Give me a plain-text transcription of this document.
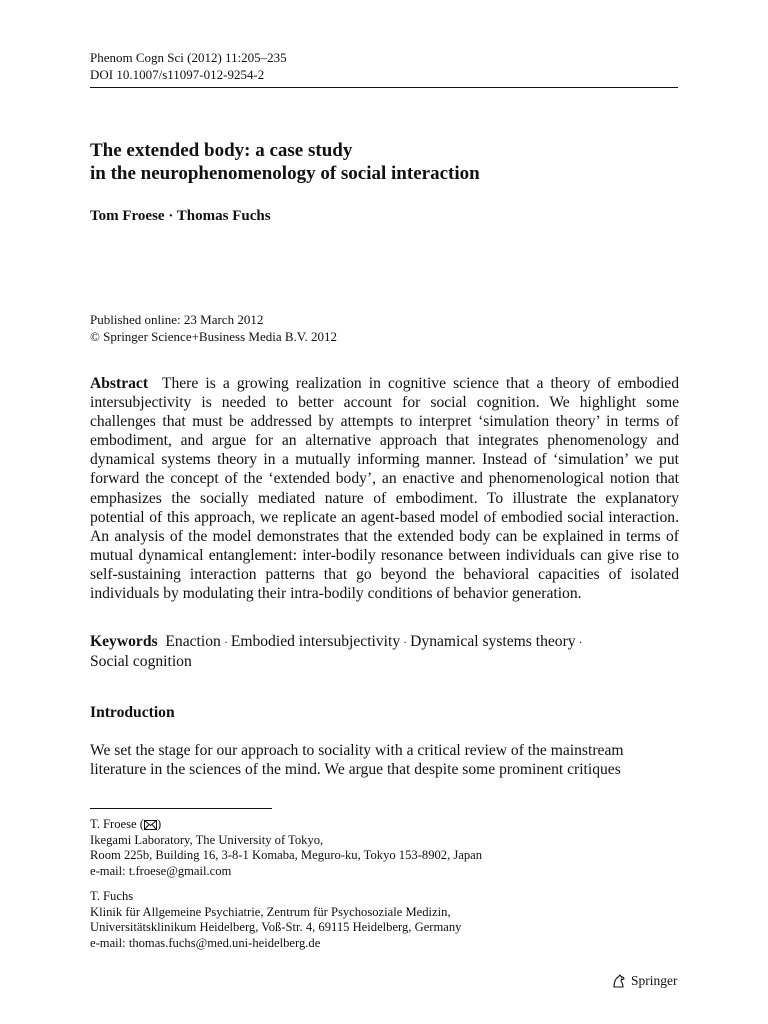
Phenom Cogn Sci (2012) 11:205–235
DOI 10.1007/s11097-012-9254-2
The extended body: a case study
in the neurophenomenology of social interaction
Tom Froese · Thomas Fuchs
Published online: 23 March 2012
© Springer Science+Business Media B.V. 2012
Abstract There is a growing realization in cognitive science that a theory of embodied intersubjectivity is needed to better account for social cognition. We highlight some challenges that must be addressed by attempts to interpret ‘simulation theory’ in terms of embodiment, and argue for an alternative approach that integrates phenomenology and dynamical systems theory in a mutually informing manner. Instead of ‘simulation’ we put forward the concept of the ‘extended body’, an enactive and phenomenological notion that emphasizes the socially mediated nature of embodiment. To illustrate the explanatory potential of this approach, we replicate an agent-based model of embodied social interaction. An analysis of the model demonstrates that the extended body can be explained in terms of mutual dynamical entanglement: inter-bodily resonance between individuals can give rise to self-sustaining interaction patterns that go beyond the behavioral capacities of isolated individuals by modulating their intra-bodily conditions of behavior generation.
Keywords Enaction · Embodied intersubjectivity · Dynamical systems theory ·
Social cognition
Introduction
We set the stage for our approach to sociality with a critical review of the mainstream
literature in the sciences of the mind. We argue that despite some prominent critiques
T. Froese ( )
Ikegami Laboratory, The University of Tokyo,
Room 225b, Building 16, 3-8-1 Komaba, Meguro-ku, Tokyo 153-8902, Japan
e-mail: t.froese@gmail.com
T. Fuchs
Klinik für Allgemeine Psychiatrie, Zentrum für Psychosoziale Medizin,
Universitätsklinikum Heidelberg, Voß-Str. 4, 69115 Heidelberg, Germany
e-mail: thomas.fuchs@med.uni-heidelberg.de
Springer
